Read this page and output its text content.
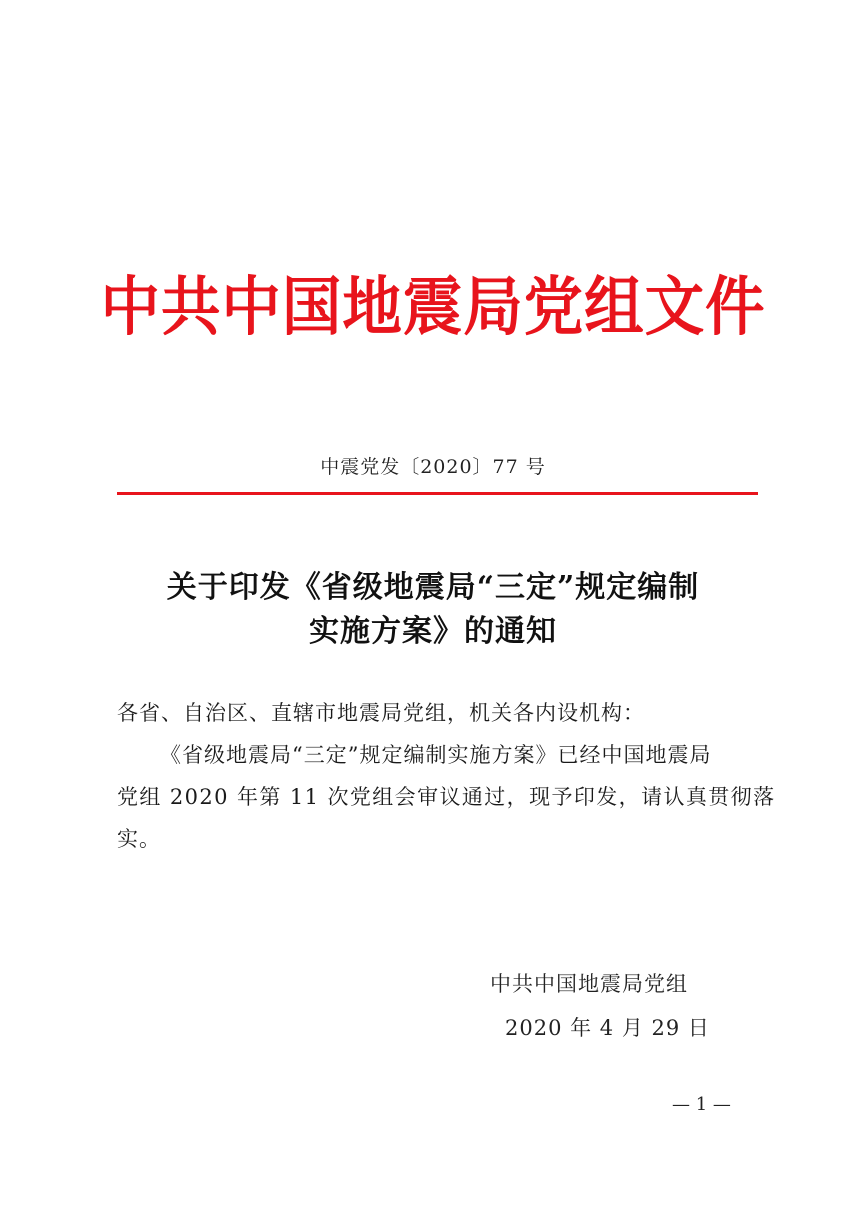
中共中国地震局党组文件
中震党发〔2020〕77 号
关于印发《省级地震局“三定”规定编制
实施方案》的通知
各省、自治区、直辖市地震局党组，机关各内设机构：
《省级地震局“三定”规定编制实施方案》已经中国地震局
党组 2020 年第 11 次党组会审议通过，现予印发，请认真贯彻落
实。
中共中国地震局党组
2020 年 4 月 29 日
— 1 —
